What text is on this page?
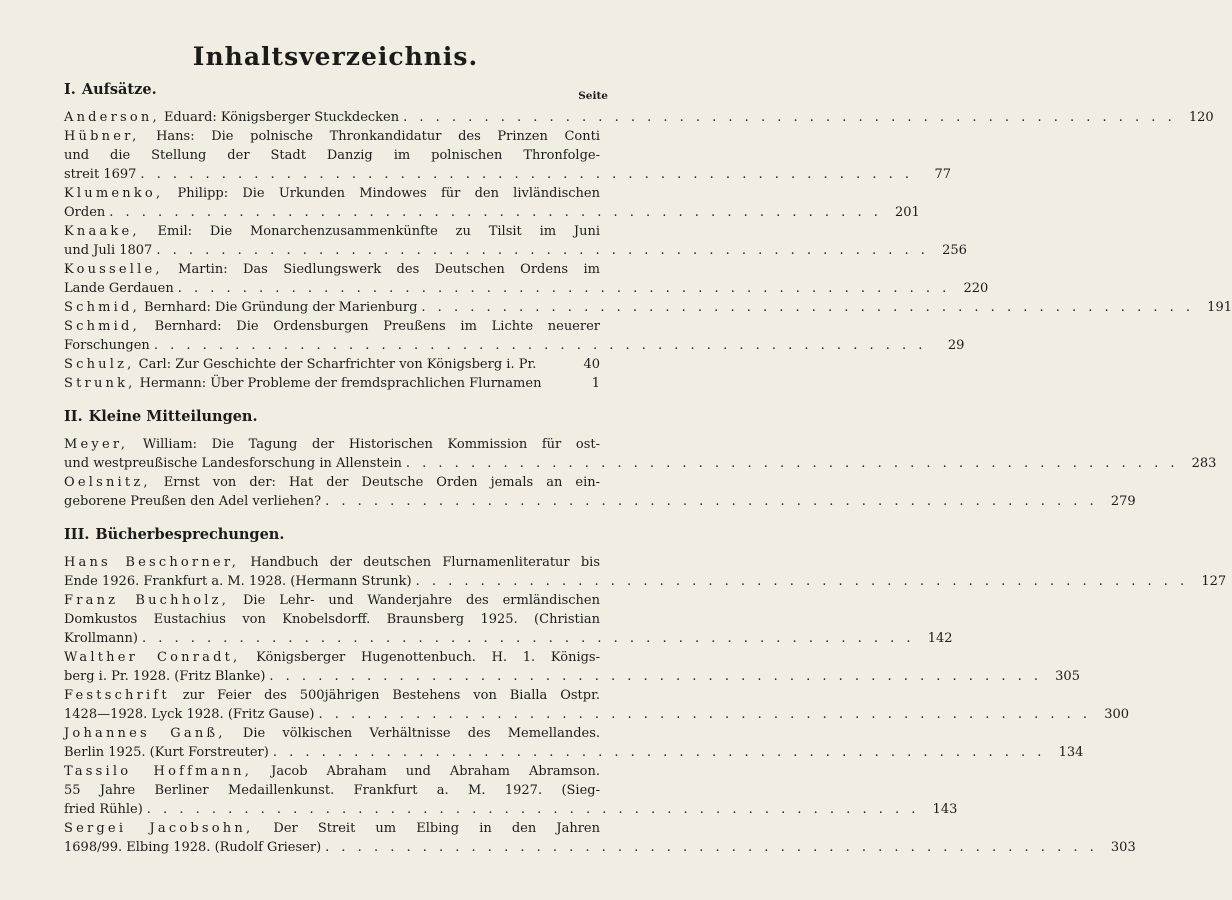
Inhaltsverzeichnis.
I. Aufsätze.	Seite
Anderson, Eduard: Königsberger Stuckdecken . . . . . . . . . . . . . . . . . . . . . . . . . . . . . . . . . . . . . . . . . . . . . . . .	120
Hübner, Hans: Die polnische Thronkandidatur des Prinzen Conti
und die Stellung der Stadt Danzig im polnischen Thronfolge-
streit 1697 . . . . . . . . . . . . . . . . . . . . . . . . . . . . . . . . . . . . . . . . . . . . . . . .	77
Klumenko, Philipp: Die Urkunden Mindowes für den livländischen
Orden . . . . . . . . . . . . . . . . . . . . . . . . . . . . . . . . . . . . . . . . . . . . . . . .	201
Knaake, Emil: Die Monarchenzusammenkünfte zu Tilsit im Juni
und Juli 1807 . . . . . . . . . . . . . . . . . . . . . . . . . . . . . . . . . . . . . . . . . . . . . . . .	256
Kousselle, Martin: Das Siedlungswerk des Deutschen Ordens im
Lande Gerdauen . . . . . . . . . . . . . . . . . . . . . . . . . . . . . . . . . . . . . . . . . . . . . . . .	220
Schmid, Bernhard: Die Gründung der Marienburg . . . . . . . . . . . . . . . . . . . . . . . . . . . . . . . . . . . . . . . . . . . . . . . .	191
Schmid, Bernhard: Die Ordensburgen Preußens im Lichte neuerer
Forschungen . . . . . . . . . . . . . . . . . . . . . . . . . . . . . . . . . . . . . . . . . . . . . . . .	29
Schulz, Carl: Zur Geschichte der Scharfrichter von Königsberg i. Pr.	40
Strunk, Hermann: Über Probleme der fremdsprachlichen Flurnamen	1
II. Kleine Mitteilungen.
Meyer, William: Die Tagung der Historischen Kommission für ost-
und westpreußische Landesforschung in Allenstein . . . . . . . . . . . . . . . . . . . . . . . . . . . . . . . . . . . . . . . . . . . . . . . .	283
Oelsnitz, Ernst von der: Hat der Deutsche Orden jemals an ein-
geborene Preußen den Adel verliehen? . . . . . . . . . . . . . . . . . . . . . . . . . . . . . . . . . . . . . . . . . . . . . . . .	279
III. Bücherbesprechungen.
Hans Beschorner, Handbuch der deutschen Flurnamenliteratur bis
Ende 1926. Frankfurt a. M. 1928. (Hermann Strunk) . . . . . . . . . . . . . . . . . . . . . . . . . . . . . . . . . . . . . . . . . . . . . . . .	127
Franz Buchholz, Die Lehr- und Wanderjahre des ermländischen
Domkustos Eustachius von Knobelsdorff. Braunsberg 1925. (Christian
Krollmann) . . . . . . . . . . . . . . . . . . . . . . . . . . . . . . . . . . . . . . . . . . . . . . . .	142
Walther Conradt, Königsberger Hugenottenbuch. H. 1. Königs-
berg i. Pr. 1928. (Fritz Blanke) . . . . . . . . . . . . . . . . . . . . . . . . . . . . . . . . . . . . . . . . . . . . . . . .	305
Festschrift zur Feier des 500jährigen Bestehens von Bialla Ostpr.
1428—1928. Lyck 1928. (Fritz Gause) . . . . . . . . . . . . . . . . . . . . . . . . . . . . . . . . . . . . . . . . . . . . . . . .	300
Johannes Ganß, Die völkischen Verhältnisse des Memellandes.
Berlin 1925. (Kurt Forstreuter) . . . . . . . . . . . . . . . . . . . . . . . . . . . . . . . . . . . . . . . . . . . . . . . .	134
Tassilo Hoffmann, Jacob Abraham und Abraham Abramson.
55 Jahre Berliner Medaillenkunst. Frankfurt a. M. 1927. (Sieg-
fried Rühle) . . . . . . . . . . . . . . . . . . . . . . . . . . . . . . . . . . . . . . . . . . . . . . . .	143
Sergei Jacobsohn, Der Streit um Elbing in den Jahren
1698/99. Elbing 1928. (Rudolf Grieser) . . . . . . . . . . . . . . . . . . . . . . . . . . . . . . . . . . . . . . . . . . . . . . . .	303
